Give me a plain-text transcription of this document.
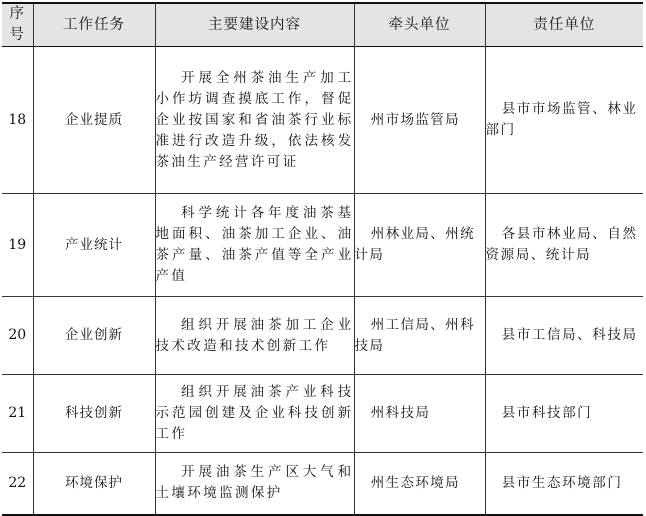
序号	工作任务	主要建设内容	牵头单位	责任单位
18	企业提质	开展全州茶油生产加工小作坊调查摸底工作，督促企业按国家和省油茶行业标准进行改造升级，依法核发茶油生产经营许可证	州市场监管局	县市市场监管、林业部门
19	产业统计	科学统计各年度油茶基地面积、油茶加工企业、油茶产量、油茶产值等全产业产值	州林业局、州统计局	各县市林业局、自然资源局、统计局
20	企业创新	组织开展油茶加工企业技术改造和技术创新工作	州工信局、州科技局	县市工信局、科技局
21	科技创新	组织开展油茶产业科技示范园创建及企业科技创新工作	州科技局	县市科技部门
22	环境保护	开展油茶生产区大气和土壤环境监测保护	州生态环境局	县市生态环境部门
